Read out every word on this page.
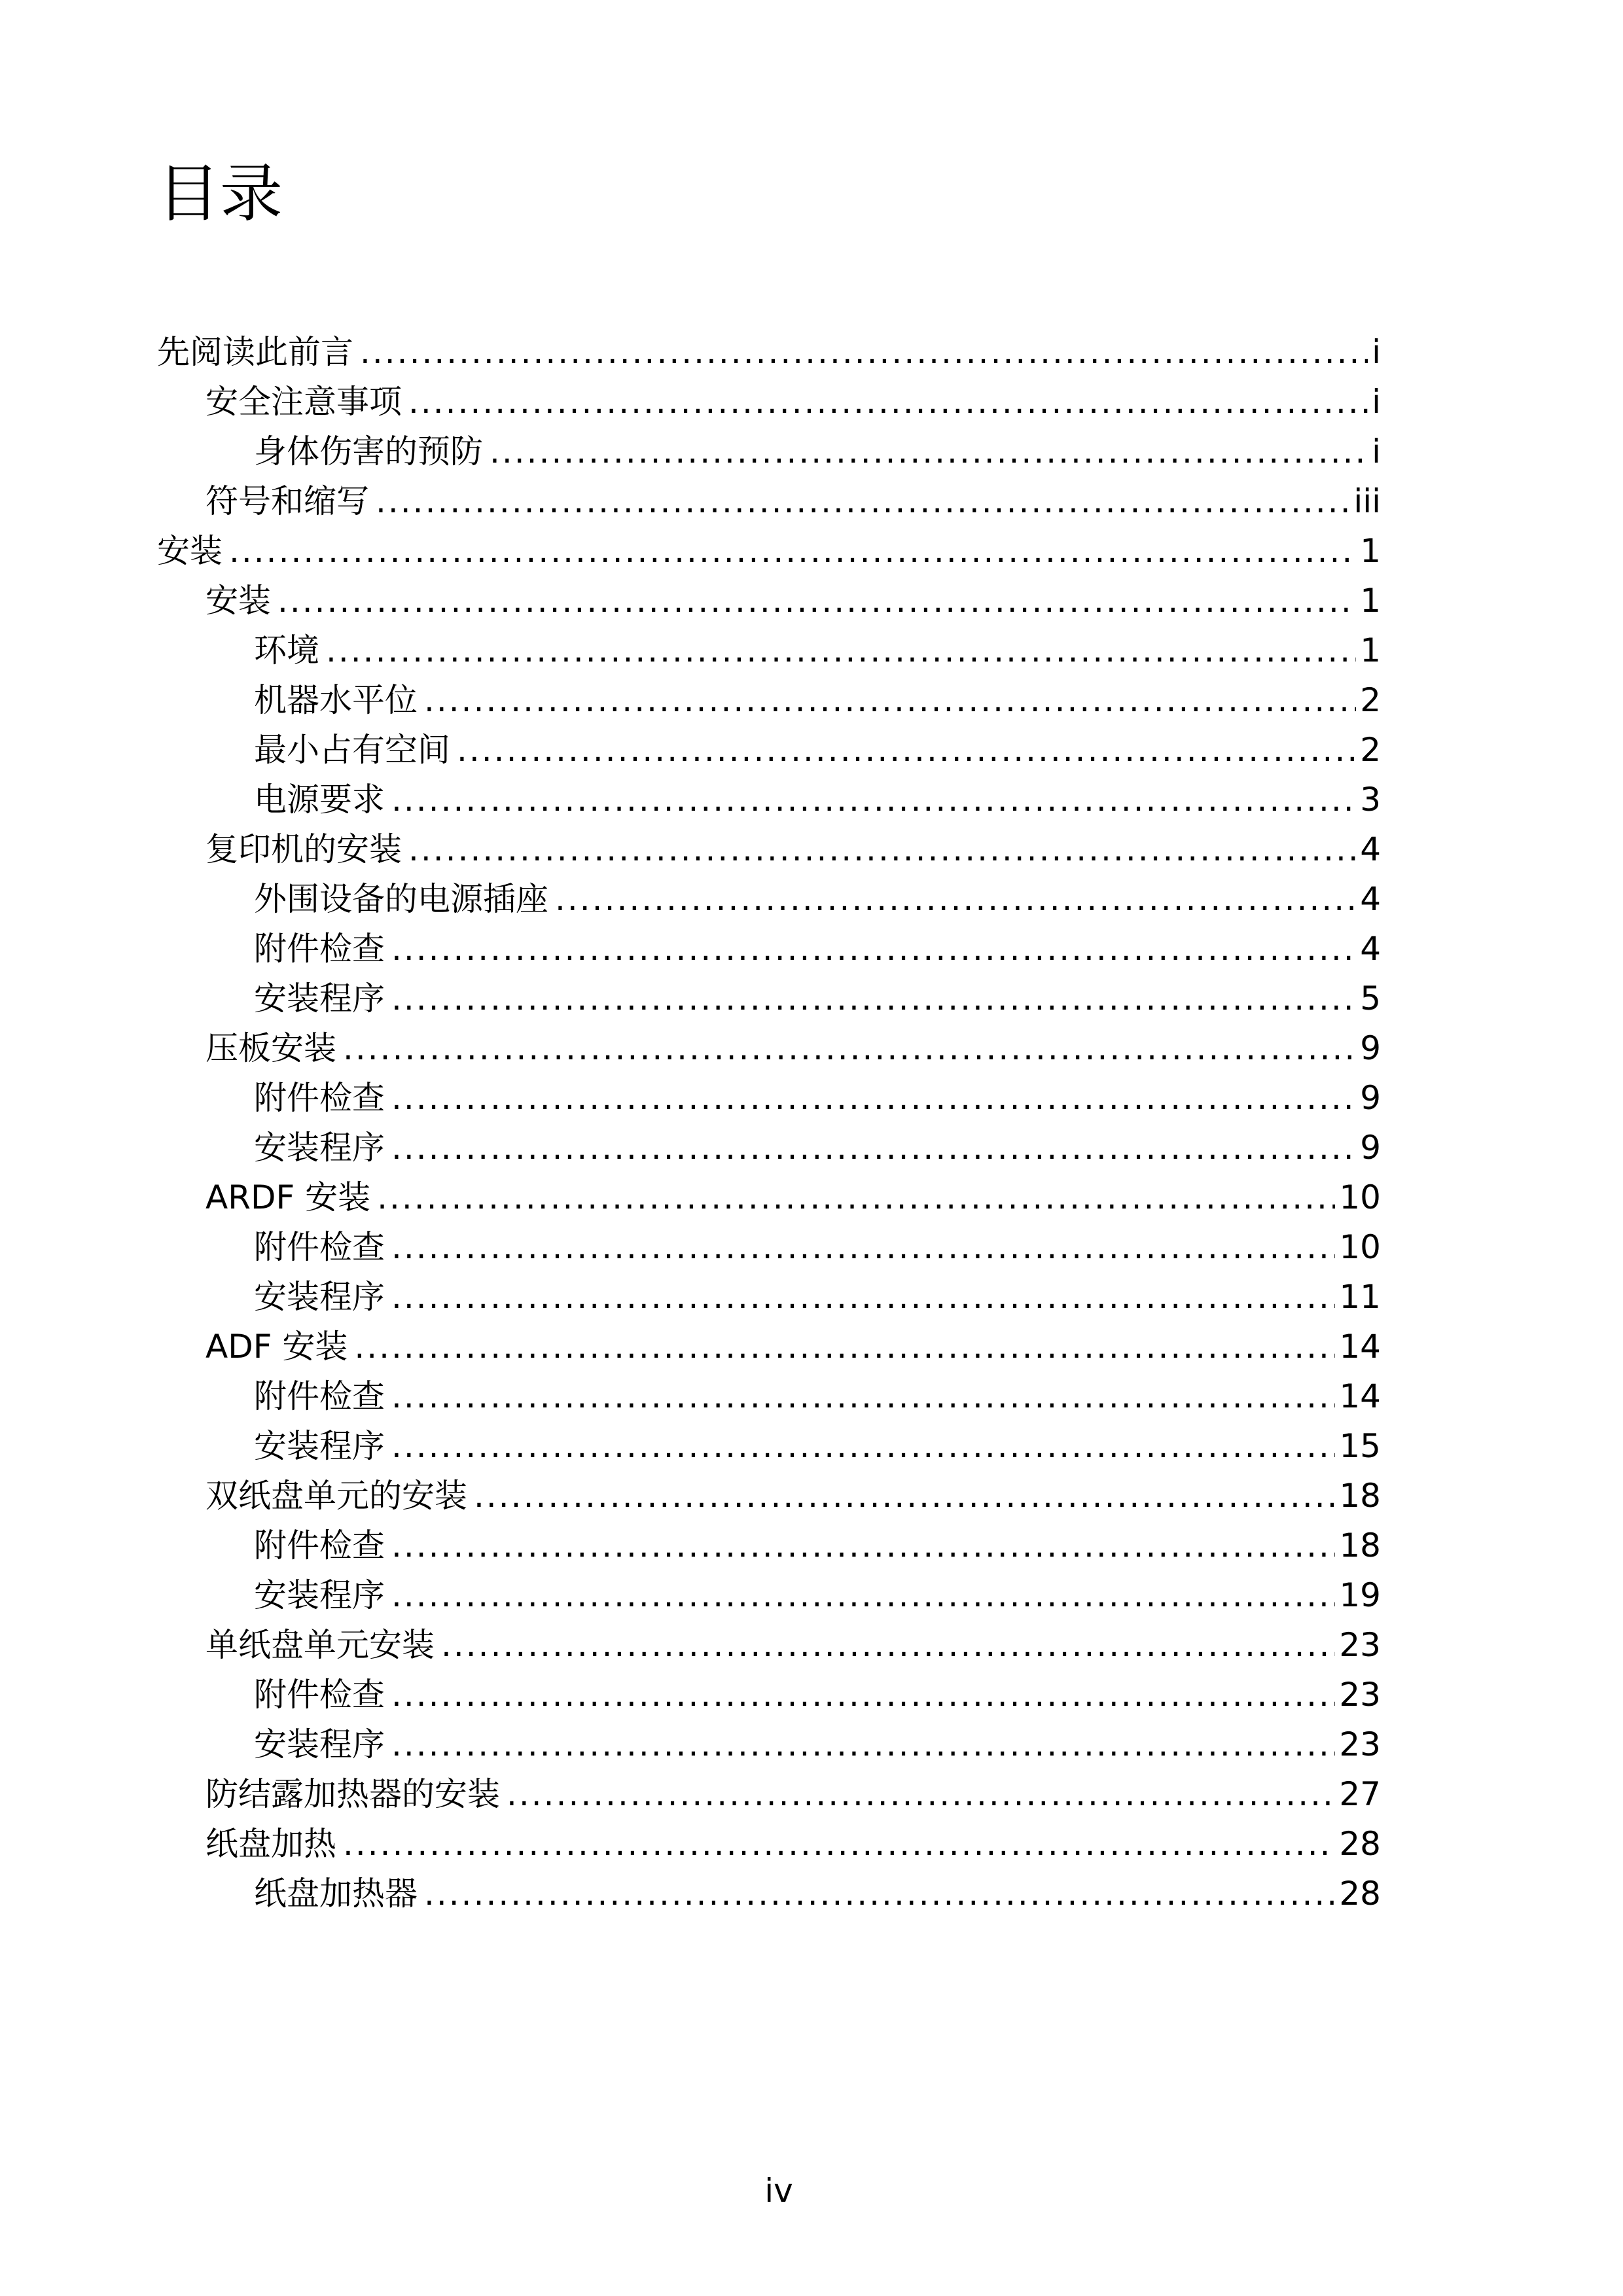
目录
先阅读此前言 .....	i
安全注意事项 .....	i
身体伤害的预防 .....	i
符号和缩写 .....	iii
安装 .....	1
安装 .....	1
环境 .....	1
机器水平位 .....	2
最小占有空间 .....	2
电源要求 .....	3
复印机的安装 .....	4
外围设备的电源插座 .....	4
附件检查 .....	4
安装程序 .....	5
压板安装 .....	9
附件检查 .....	9
安装程序 .....	9
ARDF 安装 .....	10
附件检查 .....	10
安装程序 .....	11
ADF 安装 .....	14
附件检查 .....	14
安装程序 .....	15
双纸盘单元的安装 .....	18
附件检查 .....	18
安装程序 .....	19
单纸盘单元安装 .....	23
附件检查 .....	23
安装程序 .....	23
防结露加热器的安装 .....	27
纸盘加热 .....	28
纸盘加热器 .....	28
iv
